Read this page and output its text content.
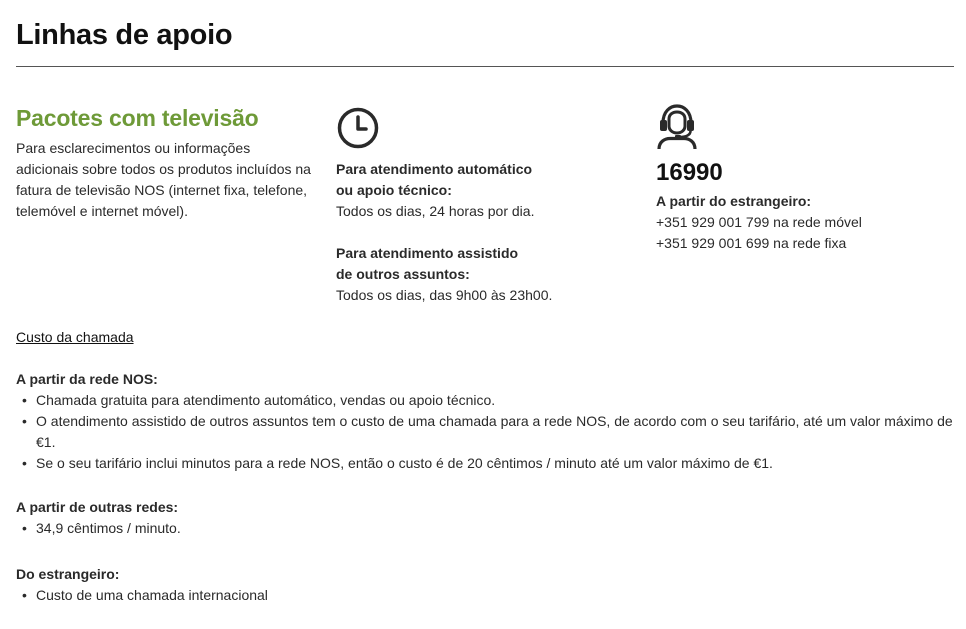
Linhas de apoio
Pacotes com televisão

Para esclarecimentos ou informações adicionais sobre todos os produtos incluídos na fatura de televisão NOS (internet fixa, telefone, telemóvel e internet móvel).

Para atendimento automático
ou apoio técnico:
Todos os dias, 24 horas por dia.
Para atendimento assistido
de outros assuntos:
Todos os dias, das 9h00 às 23h00.
16990
A partir do estrangeiro:
+351 929 001 799 na rede móvel
+351 929 001 699 na rede fixa
Custo da chamada
A partir da rede NOS:
• Chamada gratuita para atendimento automático, vendas ou apoio técnico.
• O atendimento assistido de outros assuntos tem o custo de uma chamada para a rede NOS, de acordo com o seu tarifário, até um valor máximo de €1.
• Se o seu tarifário inclui minutos para a rede NOS, então o custo é de 20 cêntimos / minuto até um valor máximo de €1.
A partir de outras redes:
• 34,9 cêntimos / minuto.
Do estrangeiro:
• Custo de uma chamada internacional
